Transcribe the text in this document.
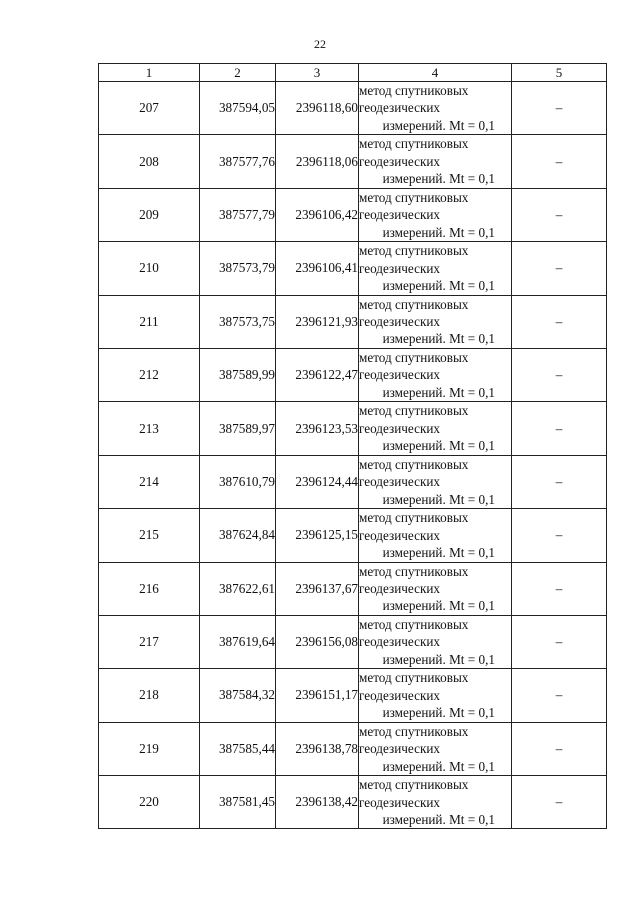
22
1	2	3	4	5
207	387594,05	2396118,60	метод спутниковых
геодезических
измерений. Mt = 0,1	–
208	387577,76	2396118,06	метод спутниковых
геодезических
измерений. Mt = 0,1	–
209	387577,79	2396106,42	метод спутниковых
геодезических
измерений. Mt = 0,1	–
210	387573,79	2396106,41	метод спутниковых
геодезических
измерений. Mt = 0,1	–
211	387573,75	2396121,93	метод спутниковых
геодезических
измерений. Mt = 0,1	–
212	387589,99	2396122,47	метод спутниковых
геодезических
измерений. Mt = 0,1	–
213	387589,97	2396123,53	метод спутниковых
геодезических
измерений. Mt = 0,1	–
214	387610,79	2396124,44	метод спутниковых
геодезических
измерений. Mt = 0,1	–
215	387624,84	2396125,15	метод спутниковых
геодезических
измерений. Mt = 0,1	–
216	387622,61	2396137,67	метод спутниковых
геодезических
измерений. Mt = 0,1	–
217	387619,64	2396156,08	метод спутниковых
геодезических
измерений. Mt = 0,1	–
218	387584,32	2396151,17	метод спутниковых
геодезических
измерений. Mt = 0,1	–
219	387585,44	2396138,78	метод спутниковых
геодезических
измерений. Mt = 0,1	–
220	387581,45	2396138,42	метод спутниковых
геодезических
измерений. Mt = 0,1	–
